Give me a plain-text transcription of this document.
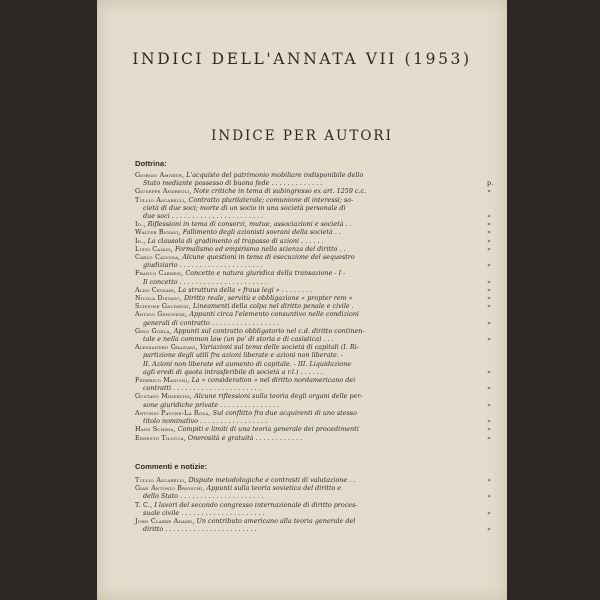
INDICI DELL'ANNATA VII (1953)
INDICE PER AUTORI
Dottrina:
Giorgio Amorth, L'acquisto del patrimonio mobiliare indisponibile dello
Stato mediante possesso di buona fede . . . . . . . . . . . . .	p.	476
Giuseppe Andreoli, Note critiche in tema di subingresso ex art. 1259 c.c.	»	421
Tullio Ascarelli, Contratto plurilaterale; comunione di interessi; so-
cietà di due soci; morte di un socio in una società personale di
due soci . . . . . . . . . . . . . . . . . . . . . . .	»	721
Id., Riflessioni in tema di consorzi, mutue, associazioni e società . .	»	327
Walter Bigiavi, Fallimento degli azionisti sovrani della società . .	»	351
Id., La clausola di gradimento al trapasso di azioni . . . . . .	»	1
Luigi Caiani, Formalismo ed empirismo nella scienza del diritto . .	»	83
Carlo Calvosa, Alcune questioni in tema di esecuzione del sequestro
giudiziario . . . . . . . . . . . . . . . . . . . . .	»	73
Franco Carresi, Concetto e natura giuridica della transazione - I -
Il concetto . . . . . . . . . . . . . . . . . . . . . .	»	361
Aldo Cessari, La struttura della « fraus legi » . . . . . . . .	»	1071
Nicola Distaso, Diritto reale, servitù e obbligazione « propter rem »	»	437
Scipione Gaudenzi, Lineamenti della colpa nel diritto penale e civile .	»	773
Antigo Genovese, Appunti circa l'elemento consuntivo nelle condizioni
generali di contratto . . . . . . . . . . . . . . . . .	»	696
Gino Gorla, Appunti sul contratto obbligatorio nel c.d. diritto continen-
tale e nella common law (un po' di storia e di casistica) . . .	»	989
Alessandro Graziani, Variazioni sul tema delle società di capitali (I. Ri-
partizione degli utili fra azioni liberate e azioni non liberate. -
II. Azioni non liberate ed aumento di capitale. - III. Liquidazione
agli eredi di quota intrasferibile di società a r.l.) . . . . . .	»	746
Federico Mancini, La « consideration » nel diritto nordamericano dei
contratti . . . . . . . . . . . . . . . . . . . . . .	»	1039
Gustavo Minervini, Alcune riflessioni sulla teoria degli organi delle per-
sone giuridiche private . . . . . . . . . . . . . . .	»	935
Antonio Pavone-La Rosa, Sul conflitto fra due acquirenti di uno stesso
titolo nominativo . . . . . . . . . . . . . . . . .	»	657
Hans Schima, Compiti e limiti di una teoria generale dei procedimenti	»	757
Ernesto Tilocca, Onerosità e gratuità . . . . . . . . . . . .	»	53
Commenti e notizie:
Tullio Ascarelli, Dispute metodologiche e contrasti di valutazione . .	»	115
Gian Antonio Brioschi, Appunti sulla teoria sovietica del diritto e
dello Stato . . . . . . . . . . . . . . . . . . . . .	»	136
T. C., I lavori del secondo congresso internazionale di diritto proces-
suale civile . . . . . . . . . . . . . . . . . . . . .	»	1097
John Clarke Adams, Un contributo americano alla teoria generale del
diritto . . . . . . . . . . . . . . . . . . . . . . .	»	1093
